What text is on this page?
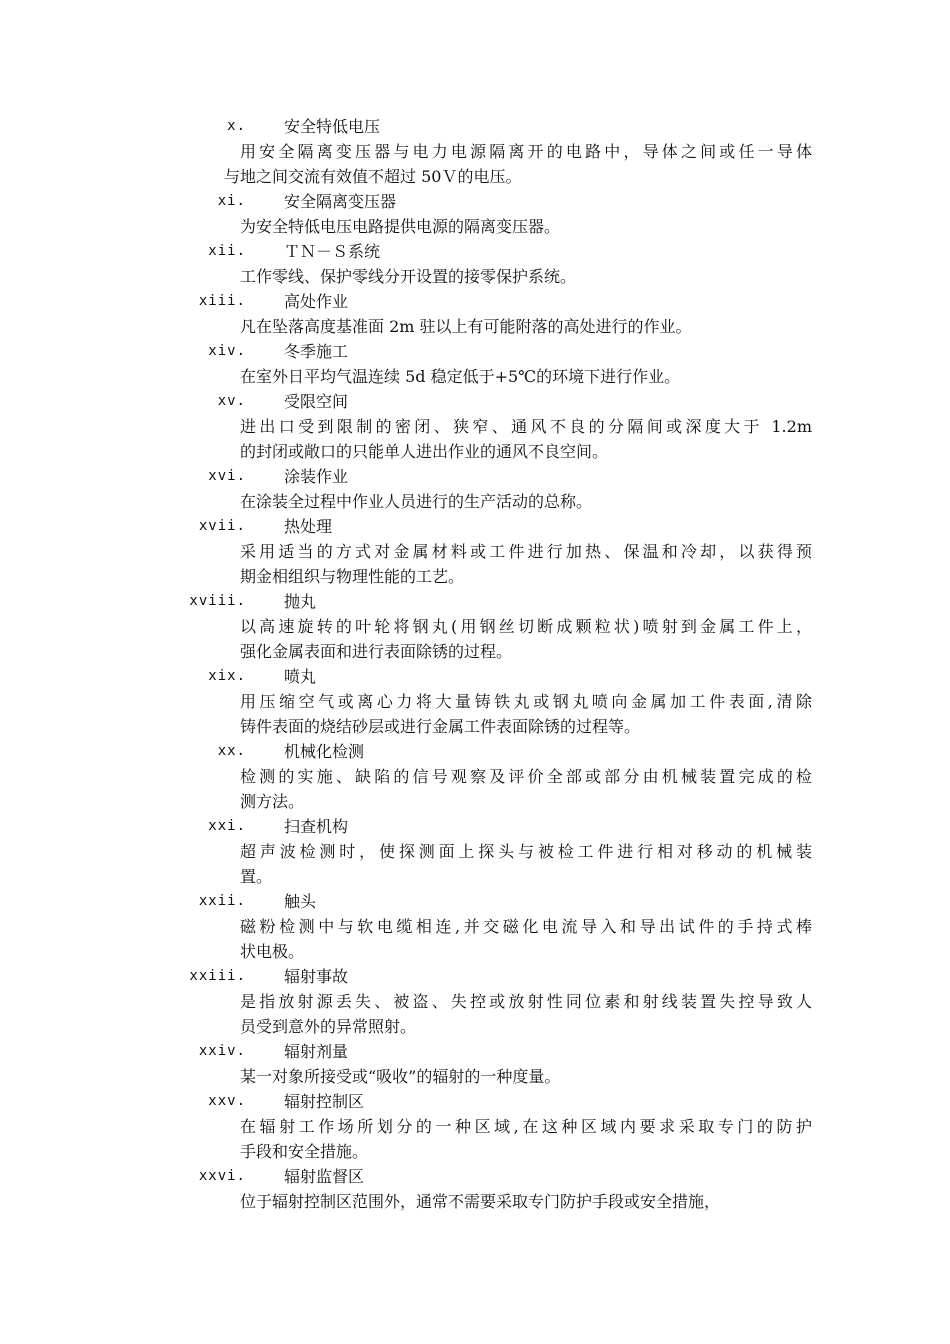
x. 安全特低电压
用安全隔离变压器与电力电源隔离开的电路中，导体之间或任一导体
与地之间交流有效值不超过 50Ｖ的电压。
xi. 安全隔离变压器
为安全特低电压电路提供电源的隔离变压器。
xii. ＴＮ－Ｓ系统
工作零线、保护零线分开设置的接零保护系统。
xiii. 高处作业
凡在坠落高度基准面 2m 驻以上有可能附落的高处进行的作业。
xiv. 冬季施工
在室外日平均气温连续 5d 稳定低于+5℃的环境下进行作业。
xv. 受限空间
进出口受到限制的密闭、狭窄、通风不良的分隔间或深度大于 1.2m
的封闭或敞口的只能单人进出作业的通风不良空间。
xvi. 涂装作业
在涂装全过程中作业人员进行的生产活动的总称。
xvii. 热处理
采用适当的方式对金属材料或工件进行加热、保温和冷却，以获得预
期金相组织与物理性能的工艺。
xviii. 抛丸
以高速旋转的叶轮将钢丸(用钢丝切断成颗粒状)喷射到金属工件上，
强化金属表面和进行表面除锈的过程。
xix. 喷丸
用压缩空气或离心力将大量铸铁丸或钢丸喷向金属加工件表面,清除
铸件表面的烧结砂层或进行金属工件表面除锈的过程等。
xx. 机械化检测
检测的实施、缺陷的信号观察及评价全部或部分由机械装置完成的检
测方法。
xxi. 扫查机构
超声波检测时，使探测面上探头与被检工件进行相对移动的机械装
置。
xxii. 触头
磁粉检测中与软电缆相连,并交磁化电流导入和导出试件的手持式棒
状电极。
xxiii. 辐射事故
是指放射源丢失、被盗、失控或放射性同位素和射线装置失控导致人
员受到意外的异常照射。
xxiv. 辐射剂量
某一对象所接受或“吸收”的辐射的一种度量。
xxv. 辐射控制区
在辐射工作场所划分的一种区域,在这种区域内要求采取专门的防护
手段和安全措施。
xxvi. 辐射监督区
位于辐射控制区范围外，通常不需要采取专门防护手段或安全措施，
